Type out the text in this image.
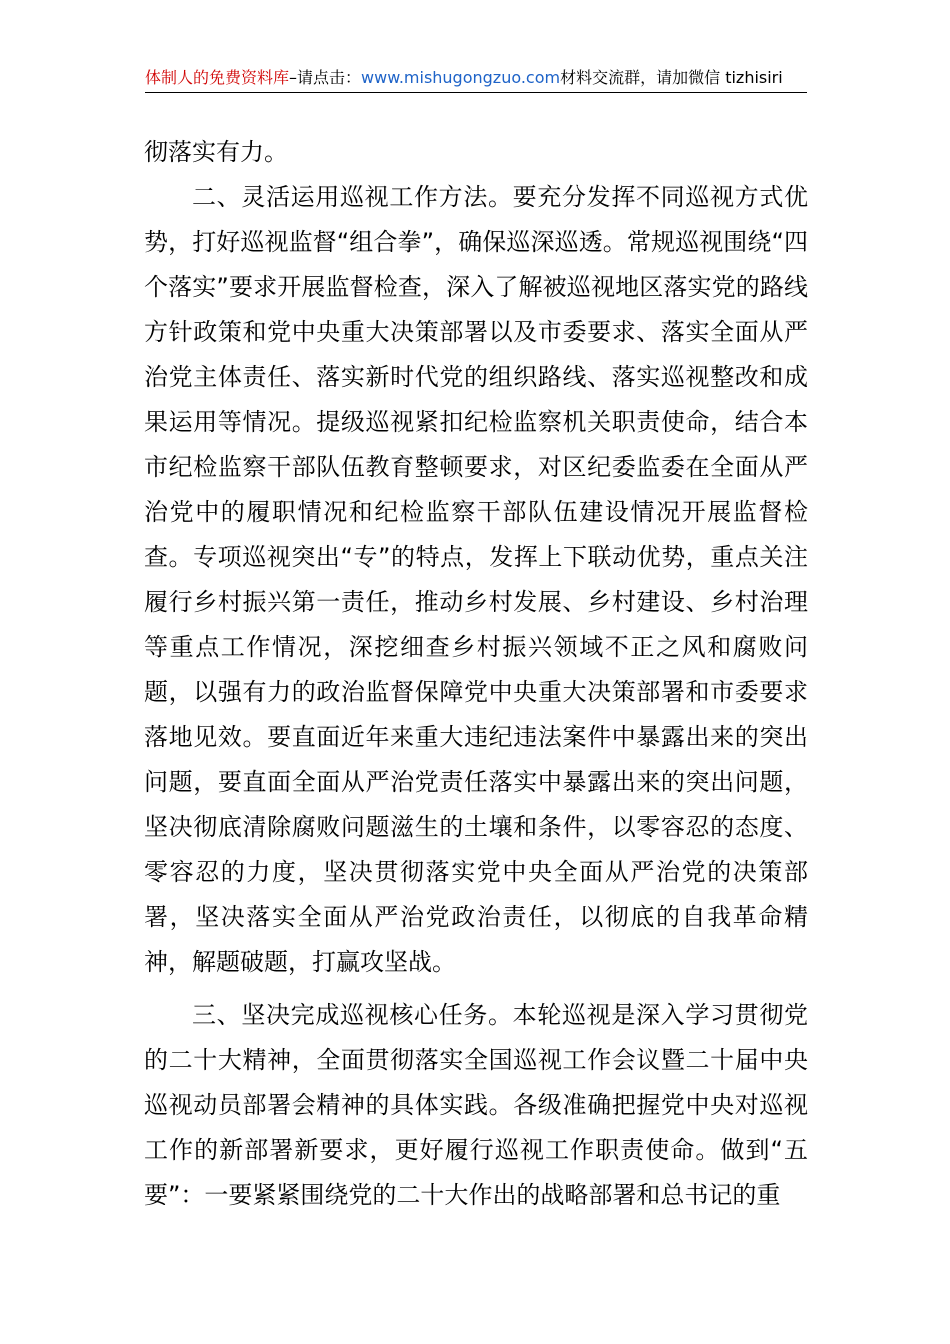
体制人的免费资料库–请点击：www.mishugongzuo.com材料交流群，请加微信 tizhisiri

彻落实有力。

二、灵活运用巡视工作方法。要充分发挥不同巡视方式优势，打好巡视监督“组合拳”，确保巡深巡透。常规巡视围绕“四个落实”要求开展监督检查，深入了解被巡视地区落实党的路线方针政策和党中央重大决策部署以及市委要求、落实全面从严治党主体责任、落实新时代党的组织路线、落实巡视整改和成果运用等情况。提级巡视紧扣纪检监察机关职责使命，结合本市纪检监察干部队伍教育整顿要求，对区纪委监委在全面从严治党中的履职情况和纪检监察干部队伍建设情况开展监督检查。专项巡视突出“专”的特点，发挥上下联动优势，重点关注履行乡村振兴第一责任，推动乡村发展、乡村建设、乡村治理等重点工作情况，深挖细查乡村振兴领域不正之风和腐败问题，以强有力的政治监督保障党中央重大决策部署和市委要求落地见效。要直面近年来重大违纪违法案件中暴露出来的突出问题，要直面全面从严治党责任落实中暴露出来的突出问题，坚决彻底清除腐败问题滋生的土壤和条件，以零容忍的态度、零容忍的力度，坚决贯彻落实党中央全面从严治党的决策部署，坚决落实全面从严治党政治责任，以彻底的自我革命精神，解题破题，打赢攻坚战。

三、坚决完成巡视核心任务。本轮巡视是深入学习贯彻党的二十大精神，全面贯彻落实全国巡视工作会议暨二十届中央巡视动员部署会精神的具体实践。各级准确把握党中央对巡视工作的新部署新要求，更好履行巡视工作职责使命。做到“五要”：一要紧紧围绕党的二十大作出的战略部署和总书记的重
